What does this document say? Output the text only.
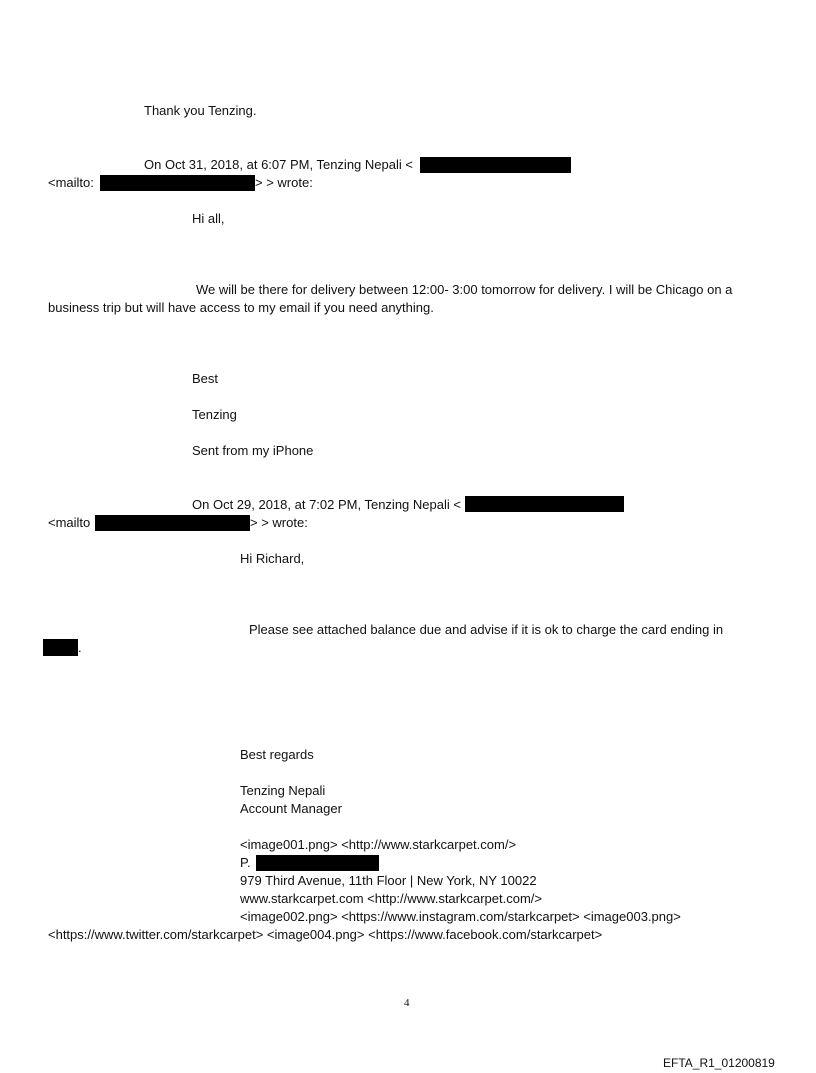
Thank you Tenzing.

On Oct 31, 2018, at 6:07 PM, Tenzing Nepali <

<mailto:	> > wrote:

Hi all,

We will be there for delivery between 12:00- 3:00 tomorrow for delivery. I will be Chicago on a

business trip but will have access to my email if you need anything.

Best

Tenzing

Sent from my iPhone

On Oct 29, 2018, at 7:02 PM, Tenzing Nepali <

<mailto	> > wrote:

Hi Richard,

Please see attached balance due and advise if it is ok to charge the card ending in

.

Best regards

Tenzing Nepali

Account Manager

<image001.png> <http://www.starkcarpet.com/>

P.

979 Third Avenue, 11th Floor | New York, NY 10022

www.starkcarpet.com <http://www.starkcarpet.com/>

<image002.png> <https://www.instagram.com/starkcarpet> <image003.png>

<https://www.twitter.com/starkcarpet> <image004.png> <https://www.facebook.com/starkcarpet>

4

EFTA_R1_01200819
